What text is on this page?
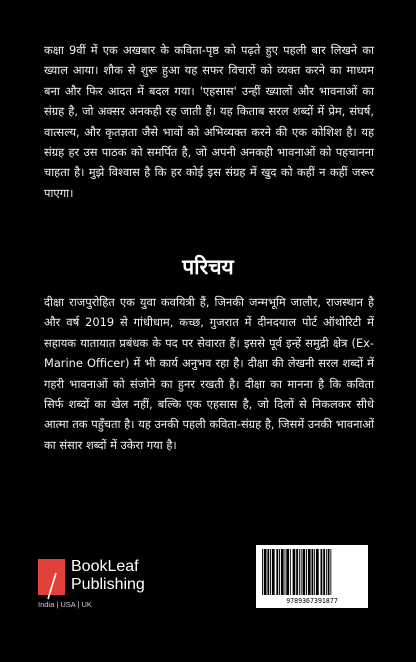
कक्षा 9वीं में एक अखबार के कविता-पृष्ठ को पढ़ते हुए पहली बार लिखने का ख्याल आया। शौक से शुरू हुआ यह सफर विचारों को व्यक्त करने का माध्यम बना और फिर आदत में बदल गया। 'एहसास' उन्हीं ख्यालों और भावनाओं का संग्रह है, जो अक्सर अनकही रह जाती हैं। यह किताब सरल शब्दों में प्रेम, संघर्ष, वात्सल्य, और कृतज्ञता जैसे भावों को अभिव्यक्त करने की एक कोशिश है। यह संग्रह हर उस पाठक को समर्पित है, जो अपनी अनकही भावनाओं को पहचानना चाहता है। मुझे विश्वास है कि हर कोई इस संग्रह में खुद को कहीं न कहीं जरूर पाएगा।

परिचय

दीक्षा राजपुरोहित एक युवा कवयित्री हैं, जिनकी जन्मभूमि जालौर, राजस्थान है और वर्ष 2019 से गांधीधाम, कच्छ, गुजरात में दीनदयाल पोर्ट ऑथोरिटी में सहायक यातायात प्रबंधक के पद पर सेवारत हैं। इससे पूर्व इन्हें समुद्री क्षेत्र (Ex-Marine Officer) में भी कार्य अनुभव रहा है। दीक्षा की लेखनी सरल शब्दों में गहरी भावनाओं को संजोने का हुनर रखती है। दीक्षा का मानना है कि कविता सिर्फ शब्दों का खेल नहीं, बल्कि एक एहसास है, जो दिलों से निकलकर सीधे आत्मा तक पहुँचता है। यह उनकी पहली कविता-संग्रह है, जिसमें उनकी भावनाओं का संसार शब्दों में उकेरा गया है।

BookLeaf
Publishing
India | USA | UK	9789367391877
